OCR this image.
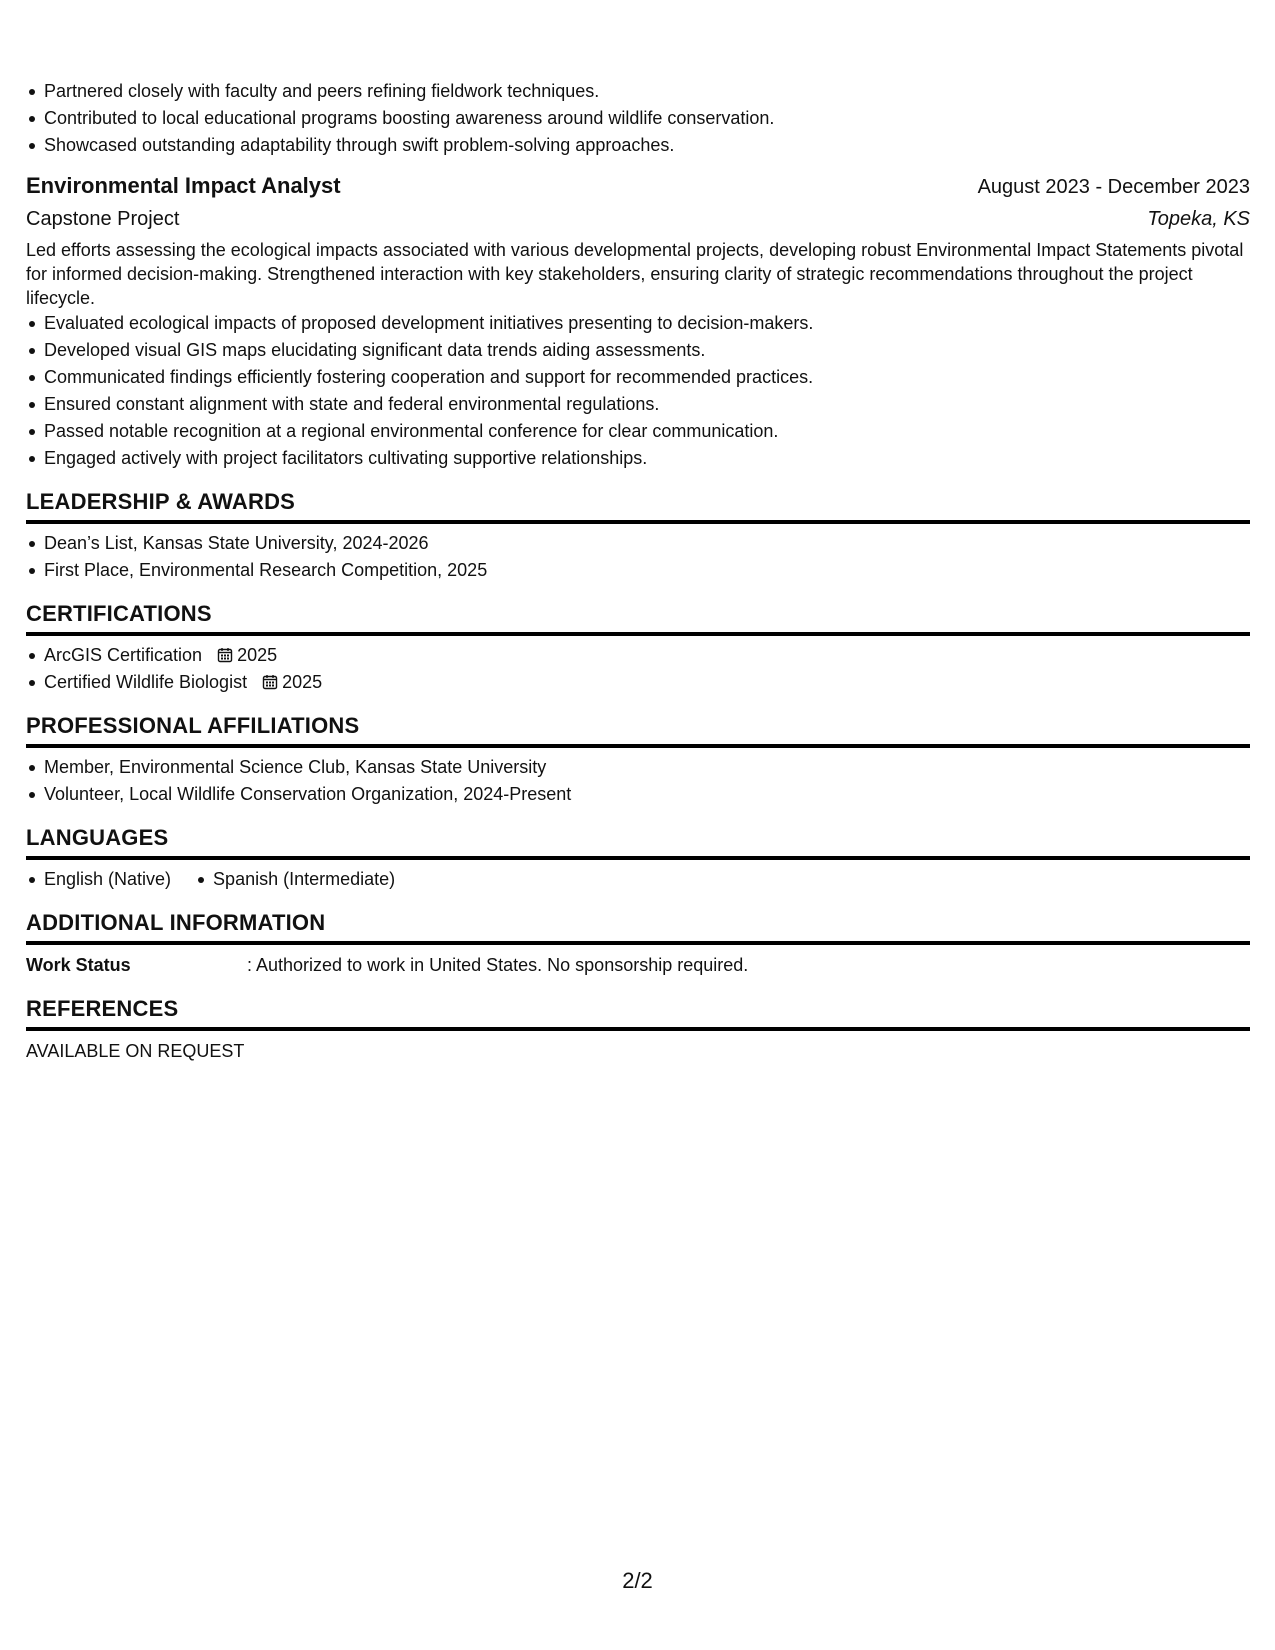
Partnered closely with faculty and peers refining fieldwork techniques.
Contributed to local educational programs boosting awareness around wildlife conservation.
Showcased outstanding adaptability through swift problem-solving approaches.
Environmental Impact Analyst	August 2023 - December 2023
Capstone Project	Topeka, KS
Led efforts assessing the ecological impacts associated with various developmental projects, developing robust Environmental Impact Statements pivotal for informed decision-making. Strengthened interaction with key stakeholders, ensuring clarity of strategic recommendations throughout the project lifecycle.
Evaluated ecological impacts of proposed development initiatives presenting to decision-makers.
Developed visual GIS maps elucidating significant data trends aiding assessments.
Communicated findings efficiently fostering cooperation and support for recommended practices.
Ensured constant alignment with state and federal environmental regulations.
Passed notable recognition at a regional environmental conference for clear communication.
Engaged actively with project facilitators cultivating supportive relationships.
LEADERSHIP & AWARDS
Dean’s List, Kansas State University, 2024-2026
First Place, Environmental Research Competition, 2025
CERTIFICATIONS
ArcGIS Certification 2025
Certified Wildlife Biologist 2025
PROFESSIONAL AFFILIATIONS
Member, Environmental Science Club, Kansas State University
Volunteer, Local Wildlife Conservation Organization, 2024-Present
LANGUAGES
English (Native)	Spanish (Intermediate)
ADDITIONAL INFORMATION
Work Status	: Authorized to work in United States. No sponsorship required.
REFERENCES
AVAILABLE ON REQUEST
2/2
